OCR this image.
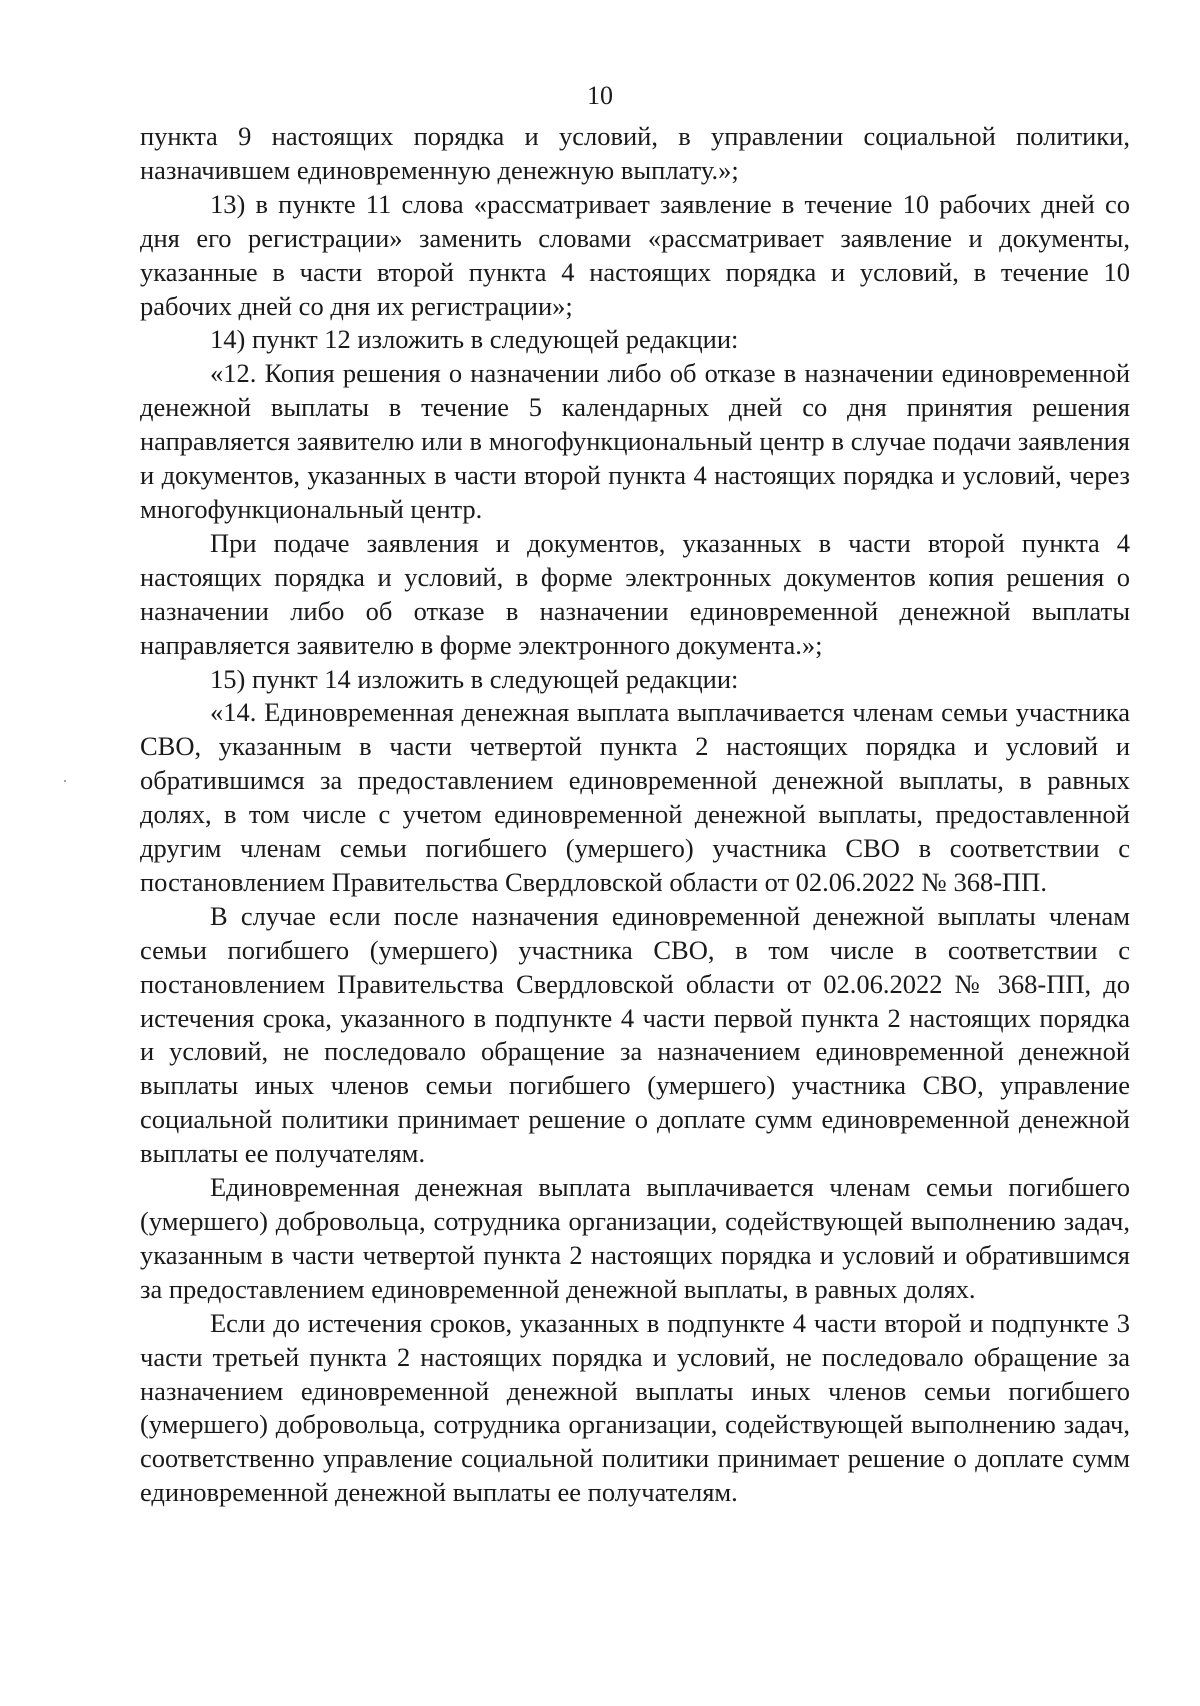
10

пункта 9 настоящих порядка и условий, в управлении социальной политики, назначившем единовременную денежную выплату.»;

13) в пункте 11 слова «рассматривает заявление в течение 10 рабочих дней со дня его регистрации» заменить словами «рассматривает заявление и документы, указанные в части второй пункта 4 настоящих порядка и условий, в течение 10 рабочих дней со дня их регистрации»;

14) пункт 12 изложить в следующей редакции:

«12. Копия решения о назначении либо об отказе в назначении единовременной денежной выплаты в течение 5 календарных дней со дня принятия решения направляется заявителю или в многофункциональный центр в случае подачи заявления и документов, указанных в части второй пункта 4 настоящих порядка и условий, через многофункциональный центр.

При подаче заявления и документов, указанных в части второй пункта 4 настоящих порядка и условий, в форме электронных документов копия решения о назначении либо об отказе в назначении единовременной денежной выплаты направляется заявителю в форме электронного документа.»;

15) пункт 14 изложить в следующей редакции:

«14. Единовременная денежная выплата выплачивается членам семьи участника СВО, указанным в части четвертой пункта 2 настоящих порядка и условий и обратившимся за предоставлением единовременной денежной выплаты, в равных долях, в том числе с учетом единовременной денежной выплаты, предоставленной другим членам семьи погибшего (умершего) участника СВО в соответствии с постановлением Правительства Свердловской области от 02.06.2022 № 368-ПП.

В случае если после назначения единовременной денежной выплаты членам семьи погибшего (умершего) участника СВО, в том числе в соответствии с постановлением Правительства Свердловской области от 02.06.2022 № 368-ПП, до истечения срока, указанного в подпункте 4 части первой пункта 2 настоящих порядка и условий, не последовало обращение за назначением единовременной денежной выплаты иных членов семьи погибшего (умершего) участника СВО, управление социальной политики принимает решение о доплате сумм единовременной денежной выплаты ее получателям.

Единовременная денежная выплата выплачивается членам семьи погибшего (умершего) добровольца, сотрудника организации, содействующей выполнению задач, указанным в части четвертой пункта 2 настоящих порядка и условий и обратившимся за предоставлением единовременной денежной выплаты, в равных долях.

Если до истечения сроков, указанных в подпункте 4 части второй и подпункте 3 части третьей пункта 2 настоящих порядка и условий, не последовало обращение за назначением единовременной денежной выплаты иных членов семьи погибшего (умершего) добровольца, сотрудника организации, содействующей выполнению задач, соответственно управление социальной политики принимает решение о доплате сумм единовременной денежной выплаты ее получателям.
